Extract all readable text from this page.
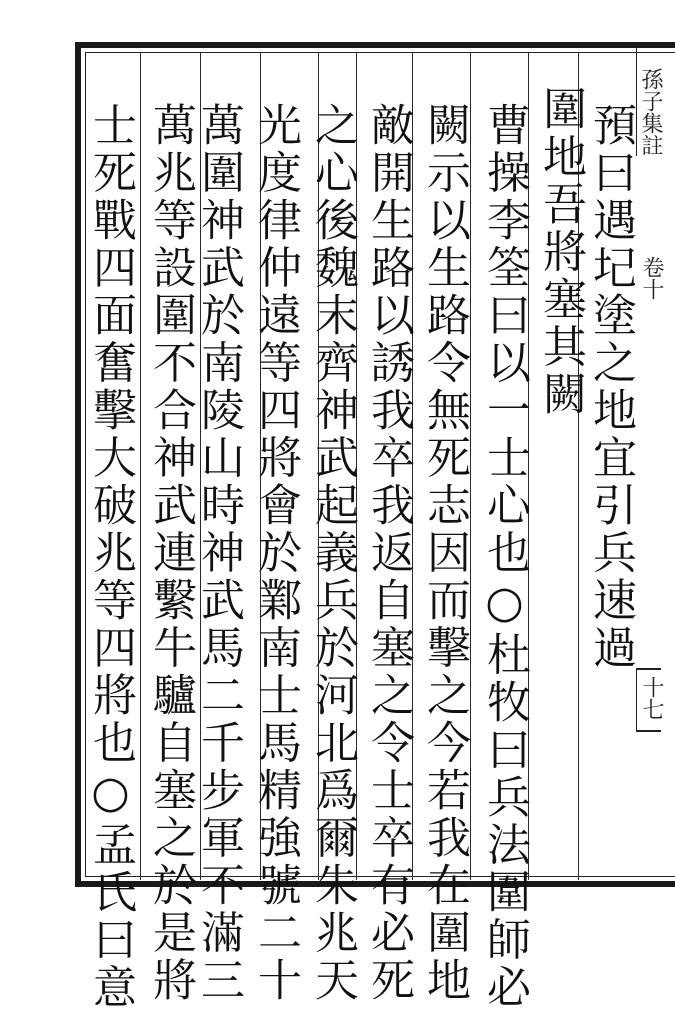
預曰遇圮塗之地宜引兵速過
圍地吾將塞其闕
曹操李筌曰以一士心也○杜牧曰兵法圍師必
闕示以生路令無死志因而擊之今若我在圍地
敵開生路以誘我卒我返自塞之令士卒有必死
之心後魏末齊神武起義兵於河北爲爾朱兆天
光度律仲遠等四將會於鄴南士馬精強號二十
萬圍神武於南陵山時神武馬二千步軍不滿三
萬兆等設圍不合神武連繫牛驢自塞之於是將
士死戰四面奮擊大破兆等四將也○孟氏曰意	孫子集註
卷十
十七
